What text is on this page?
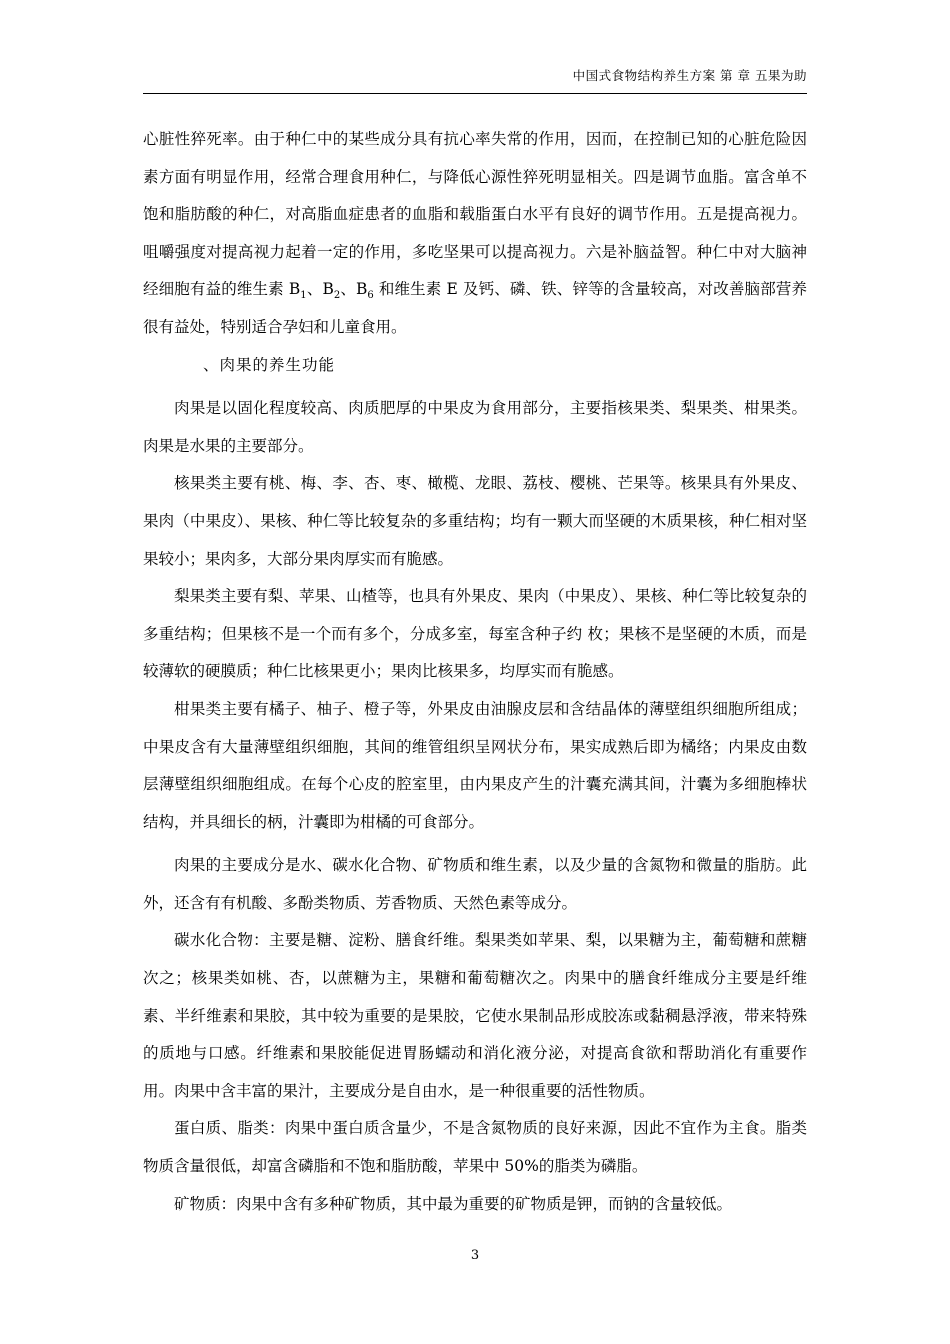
中国式食物结构养生方案 第 章 五果为助

心脏性猝死率。由于种仁中的某些成分具有抗心率失常的作用，因而，在控制已知的心脏危险因素方面有明显作用，经常合理食用种仁，与降低心源性猝死明显相关。四是调节血脂。富含单不饱和脂肪酸的种仁，对高脂血症患者的血脂和载脂蛋白水平有良好的调节作用。五是提高视力。咀嚼强度对提高视力起着一定的作用，多吃坚果可以提高视力。六是补脑益智。种仁中对大脑神经细胞有益的维生素 $B_1$、$B_2$、$B_6$ 和维生素 E 及钙、磷、铁、锌等的含量较高，对改善脑部营养很有益处，特别适合孕妇和儿童食用。

、肉果的养生功能

肉果是以固化程度较高、肉质肥厚的中果皮为食用部分，主要指核果类、梨果类、柑果类。肉果是水果的主要部分。

核果类主要有桃、梅、李、杏、枣、橄榄、龙眼、荔枝、樱桃、芒果等。核果具有外果皮、果肉（中果皮）、果核、种仁等比较复杂的多重结构；均有一颗大而坚硬的木质果核，种仁相对坚果较小；果肉多，大部分果肉厚实而有脆感。

梨果类主要有梨、苹果、山楂等，也具有外果皮、果肉（中果皮）、果核、种仁等比较复杂的多重结构；但果核不是一个而有多个，分成多室，每室含种子约 枚；果核不是坚硬的木质，而是较薄软的硬膜质；种仁比核果更小；果肉比核果多，均厚实而有脆感。

柑果类主要有橘子、柚子、橙子等，外果皮由油腺皮层和含结晶体的薄壁组织细胞所组成；中果皮含有大量薄壁组织细胞，其间的维管组织呈网状分布，果实成熟后即为橘络；内果皮由数层薄壁组织细胞组成。在每个心皮的腔室里，由内果皮产生的汁囊充满其间，汁囊为多细胞棒状结构，并具细长的柄，汁囊即为柑橘的可食部分。

肉果的主要成分是水、碳水化合物、矿物质和维生素，以及少量的含氮物和微量的脂肪。此外，还含有有机酸、多酚类物质、芳香物质、天然色素等成分。

碳水化合物：主要是糖、淀粉、膳食纤维。梨果类如苹果、梨，以果糖为主，葡萄糖和蔗糖次之；核果类如桃、杏，以蔗糖为主，果糖和葡萄糖次之。肉果中的膳食纤维成分主要是纤维素、半纤维素和果胶，其中较为重要的是果胶，它使水果制品形成胶冻或黏稠悬浮液，带来特殊的质地与口感。纤维素和果胶能促进胃肠蠕动和消化液分泌，对提高食欲和帮助消化有重要作用。肉果中含丰富的果汁，主要成分是自由水，是一种很重要的活性物质。

蛋白质、脂类：肉果中蛋白质含量少，不是含氮物质的良好来源，因此不宜作为主食。脂类物质含量很低，却富含磷脂和不饱和脂肪酸，苹果中 50%的脂类为磷脂。

矿物质：肉果中含有多种矿物质，其中最为重要的矿物质是钾，而钠的含量较低。

3
